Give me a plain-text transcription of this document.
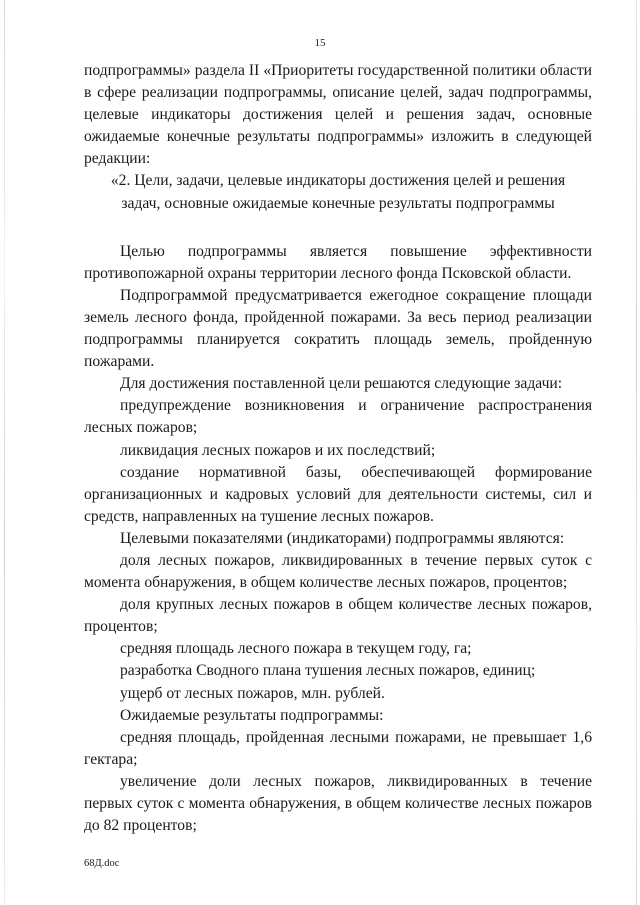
15

подпрограммы» раздела II «Приоритеты государственной политики области в сфере реализации подпрограммы, описание целей, задач подпрограммы, целевые индикаторы достижения целей и решения задач, основные ожидаемые конечные результаты подпрограммы» изложить в следующей редакции:

«2. Цели, задачи, целевые индикаторы достижения целей и решения

задач, основные ожидаемые конечные результаты подпрограммы

Целью подпрограммы является повышение эффективности противопожарной охраны территории лесного фонда Псковской области.

Подпрограммой предусматривается ежегодное сокращение площади земель лесного фонда, пройденной пожарами. За весь период реализации подпрограммы планируется сократить площадь земель, пройденную пожарами.

Для достижения поставленной цели решаются следующие задачи:

предупреждение возникновения и ограничение распространения лесных пожаров;

ликвидация лесных пожаров и их последствий;

создание нормативной базы, обеспечивающей формирование организационных и кадровых условий для деятельности системы, сил и средств, направленных на тушение лесных пожаров.

Целевыми показателями (индикаторами) подпрограммы являются:

доля лесных пожаров, ликвидированных в течение первых суток с момента обнаружения, в общем количестве лесных пожаров, процентов;

доля крупных лесных пожаров в общем количестве лесных пожаров, процентов;

средняя площадь лесного пожара в текущем году, га;

разработка Сводного плана тушения лесных пожаров, единиц;

ущерб от лесных пожаров, млн. рублей.

Ожидаемые результаты подпрограммы:

средняя площадь, пройденная лесными пожарами, не превышает 1,6 гектара;

увеличение доли лесных пожаров, ликвидированных в течение первых суток с момента обнаружения, в общем количестве лесных пожаров до 82 процентов;

68Д.doc
